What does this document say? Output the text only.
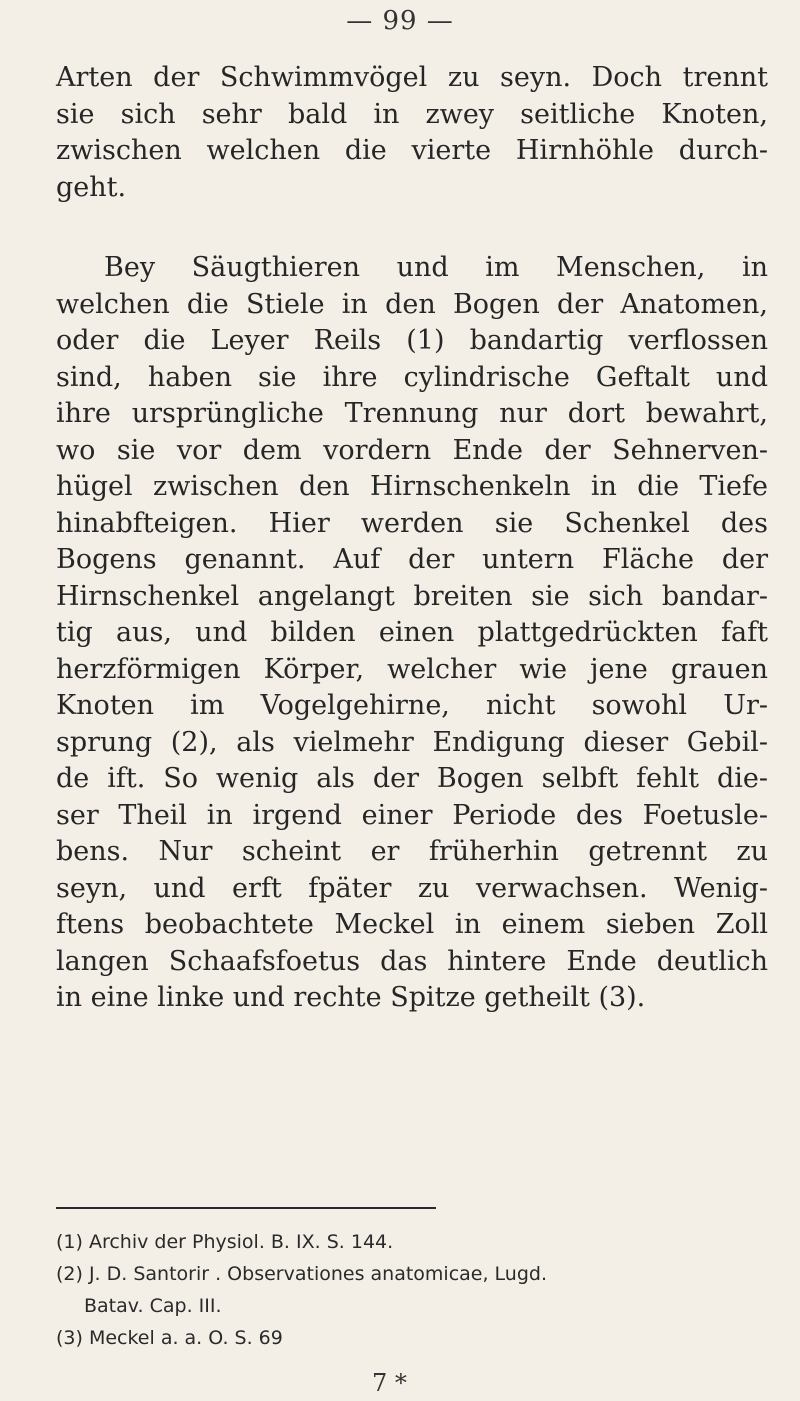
— 99 —

Arten der Schwimmvögel zu seyn. Doch trennt
sie sich sehr bald in zwey seitliche Knoten,
zwischen welchen die vierte Hirnhöhle durch-
geht.

Bey Säugthieren und im Menschen, in
welchen die Stiele in den Bogen der Anatomen,
oder die Leyer Reils (1) bandartig verflossen
sind, haben sie ihre cylindrische Geftalt und
ihre ursprüngliche Trennung nur dort bewahrt,
wo sie vor dem vordern Ende der Sehnerven-
hügel zwischen den Hirnschenkeln in die Tiefe
hinabfteigen. Hier werden sie Schenkel des
Bogens genannt. Auf der untern Fläche der
Hirnschenkel angelangt breiten sie sich bandar-
tig aus, und bilden einen plattgedrückten faft
herzförmigen Körper, welcher wie jene grauen
Knoten im Vogelgehirne, nicht sowohl Ur-
sprung (2), als vielmehr Endigung dieser Gebil-
de ift. So wenig als der Bogen selbft fehlt die-
ser Theil in irgend einer Periode des Foetusle-
bens. Nur scheint er früherhin getrennt zu
seyn, und erft fpäter zu verwachsen. Wenig-
ftens beobachtete Meckel in einem sieben Zoll
langen Schaafsfoetus das hintere Ende deutlich
in eine linke und rechte Spitze getheilt (3).

(1) Archiv der Physiol. B. IX. S. 144.
(2) J. D. Santorir . Observationes anatomicae, Lugd.
Batav. Cap. III.
(3) Meckel a. a. O. S. 69
7 *
